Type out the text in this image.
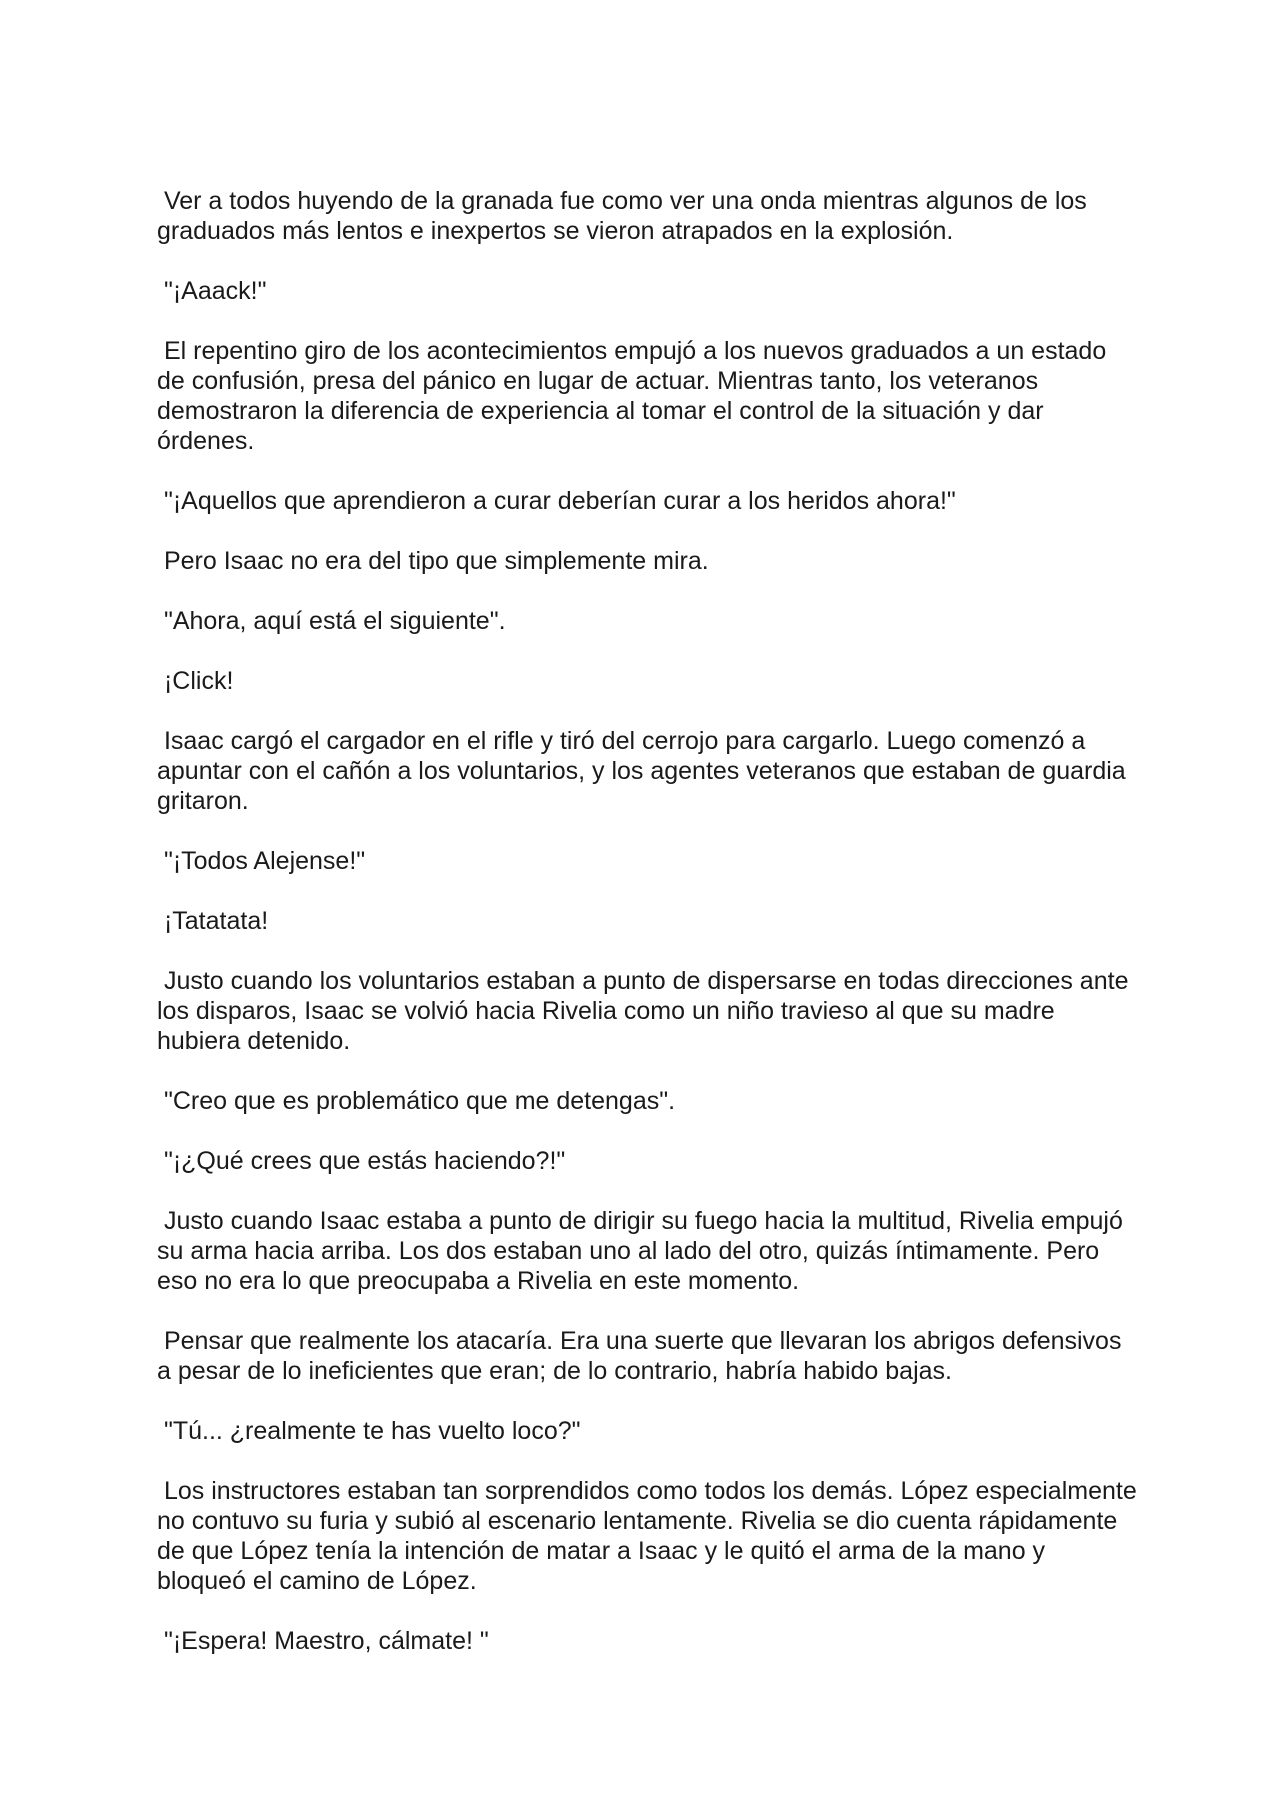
Ver a todos huyendo de la granada fue como ver una onda mientras algunos de los graduados más lentos e inexpertos se vieron atrapados en la explosión.

"¡Aaack!"

El repentino giro de los acontecimientos empujó a los nuevos graduados a un estado de confusión, presa del pánico en lugar de actuar. Mientras tanto, los veteranos demostraron la diferencia de experiencia al tomar el control de la situación y dar órdenes.

"¡Aquellos que aprendieron a curar deberían curar a los heridos ahora!"

Pero Isaac no era del tipo que simplemente mira.

"Ahora, aquí está el siguiente".

¡Click!

Isaac cargó el cargador en el rifle y tiró del cerrojo para cargarlo. Luego comenzó a apuntar con el cañón a los voluntarios, y los agentes veteranos que estaban de guardia gritaron.

"¡Todos Alejense!"

¡Tatatata!

Justo cuando los voluntarios estaban a punto de dispersarse en todas direcciones ante los disparos, Isaac se volvió hacia Rivelia como un niño travieso al que su madre hubiera detenido.

"Creo que es problemático que me detengas".

"¡¿Qué crees que estás haciendo?!"

Justo cuando Isaac estaba a punto de dirigir su fuego hacia la multitud, Rivelia empujó su arma hacia arriba. Los dos estaban uno al lado del otro, quizás íntimamente. Pero eso no era lo que preocupaba a Rivelia en este momento.

Pensar que realmente los atacaría. Era una suerte que llevaran los abrigos defensivos a pesar de lo ineficientes que eran; de lo contrario, habría habido bajas.

"Tú... ¿realmente te has vuelto loco?"

Los instructores estaban tan sorprendidos como todos los demás. López especialmente no contuvo su furia y subió al escenario lentamente. Rivelia se dio cuenta rápidamente de que López tenía la intención de matar a Isaac y le quitó el arma de la mano y bloqueó el camino de López.

"¡Espera! Maestro, cálmate! "
